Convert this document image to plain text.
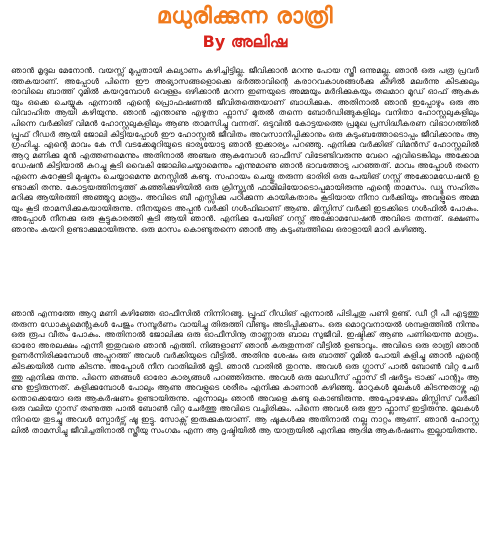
മധുരിക്കുന്ന രാത്രി
By അലിഷ

ഞാൻ മൃദുല മേനോൻ. വയസ്സ് മുപ്പതായി കല്യാണം കഴിച്ചിട്ടില്ല. ജീവിക്കാൻ മറന്നു പോയ സ്ത്രീ ഒന്നുമല്ല. ഞാൻ ഒരു പത്ര പ്രവർത്തകയാണ്. അപ്പോൾ പിന്നെ ഈ അഭ്യാസങ്ങളൊക്കെ ഭർത്താവിന്റെ കരാറവകാശങ്ങൾക്കു കീഴിൽ മലർന്നു കിടക്കലും രാവിലെ ബാത്ത് റൂമിൽ കയറുമ്പോൾ വെള്ളം ഒഴിക്കാൻ മറന്ന ഇണയുടെ അമ്മയും മർദിക്കുകയും തലമാറ മൂഡ് ഓഫ് ആകുകയും ഒക്കെ ചെയ്യുക എന്നാൽ എന്റെ പ്രൊഫഷണൽ ജീവിതത്തെയാണ് ബാധിക്കുക. അതിനാൽ ഞാൻ ഇപ്പോഴും ഒരു അവിവാഹിത ആയി കഴിയുന്നു. ഞാൻ എന്താണു എഴുതാ ഫ്ലാസ് മുതൽ തന്നെ ബോർഡിങ്ങുകളിലും വനിതാ ഹോസ്റ്റലുകളിലും പിന്നെ വർക്കിങ് വിമൻ ഹോസ്റ്റലുകളിലും ആണു താമസിച്ചു വന്നത്. ഒടുവിൽ കോട്ടയത്തെ പ്രമുഖ പ്രസിദ്ധീകരണ വിഭാഗത്തിൽ പ്രൂഫ് റീഡർ ആയി ജോലി കിട്ടിയപ്പോൾ ഈ ഹോസ്റ്റൽ ജീവിതം അവസാനിപ്പിക്കാനും ഒരു കുടുംബത്തോടൊപ്പം ജീവിക്കാനും ആഗ്രഹിച്ചു. എന്റെ മാവം കേ സീ വടക്കേമുറിയുടെ ഭാര്യയോടു ഞാൻ ഇക്കാര്യം പറഞ്ഞു. എനിക്കു വർക്കിങ് വിമൻസ് ഹോസ്റ്റലിൽ ആറു മണിക്കു മുൻ എത്തണമെന്നും അതിനാൽ അഞ്ചര ആകുമ്പോൾ ഓഫീസ് വിടേണ്ടിവരുന്നു വേറെ എവിടെങ്കിലും അക്കോമഡേഷൻ കിട്ടിയാൽ കുറച്ചു കൂടി വൈകി ജോലിചെയ്യാമെന്നും എന്നുമാണു ഞാൻ ഭാവത്തോടു പറഞ്ഞത്. മാവം അപ്പോൾ തന്നെ എന്നെ കുറേക്കൂടി മുഷ്ടനം ചെയ്യാമെന്നു മനസ്സിൽ കണ്ടു. സഹായം ചെയ്തു തരുന്ന ഭാരിരി ഒരു പേയിങ് ഗസ്റ്റ് അക്കോമഡേഷൻ ഉണ്ടാക്കി തന്നു. കോട്ടയത്തിനടുത്ത് കഞ്ഞിക്കുഴിയിൽ ഒരു ക്രിസ്ത്യൻ ഫാമിലിയോടൊപ്പമായിരുന്നു എന്റെ താമസം. ഡ്യൂ സഹിതം മറിക്കു ആയിരത്തി അഞ്ഞൂറു മാത്രം. അവിടെ ബീ എസ്സിക്കു പഠിക്കുന്ന കായികതാരം കൂടിയായ നീനാ വർക്കിയും അവളുടെ അമ്മയും കൂടി താമസിക്കുകയായിരുന്നു. നീനയുടെ അപ്പൻ വർക്കി ഗൾഫിലാണ് ആണു. മിസ്സിസ് വർക്കി ഇടക്കിടെ ഗൾഫിൽ പോകും. അപ്പോൾ നീനക്കു ഒരു കൂട്ടുകാരത്തി കൂടി ആയി ഞാൻ. എനിക്കു പേയിങ് ഗസ്റ്റ് അക്കോമഡേഷൻ അവിടെ തന്നത്. ഭക്ഷണം ഞാനും കയറി ഉണ്ടാക്കുമായിരുന്നു. ഒരു മാസം കൊണ്ടുതന്നെ ഞാൻ ആ കുടുംബത്തിലെ ഒരാളായി മാറി കഴിഞ്ഞു.

ഞാൻ എന്നത്തേ ആറു മണി കഴിഞ്ഞേ ഓഫീസിൽ നിന്നിറങ്ങൂ. പ്രൂഫ് റീഡിങ് എന്നാൽ പിടിച്ചതു പണി ഉണ്ട്. ഡീ റ്റീ പീ എടുത്തു തരുന്ന ഡോക്യുമെന്റുകൾ പേജും സമ്പൂർണം വായിച്ചു തിരുത്തി വീണ്ടും അടിപ്പിക്കണം. ഒരു മൊറൂവനായൽ ശമ്പളത്തിൽ നിന്നും ഒരു രൂപ വീതം പോകും. അതിനാൽ ജോലിക്കു ഒരു ഓഫീസിനൂ താണ്ണാരു ബാല സുജീവി. ഇഷ്ടിക്ക് ആണു പണിയെന്നു മാത്രം. ഓരോ അരലക്ഷം എന്നീ ഇതുവരെ ഞാൻ എത്തി. നിങ്ങളാണ് ഞാൻ കരുതുന്നത് വീട്ടിൽ ഉണ്ടാവും. അവിടെ ഒരു രാത്രി ഞാൻ ഉണർന്നിരിക്കുമ്പോൾ അപ്പുറത്ത് അവൾ വർക്കിയുടെ വീട്ടിൽ. അതിനു ശേഷം ഒരു ബാത്ത് റൂമിൽ പോയി കുളിച്ചു ഞാൻ എന്റെ കിടക്കയിൽ വന്നു കിടന്നു. അപ്പോൾ നീന വാതിലിൽ മുട്ടി. ഞാൻ വാതിൽ തുറന്നു. അവൾ ഒരു ഗ്ലാസ് പാൽ ബോൺ വിറ്റ ചേർത്തു എനിക്കു തന്നു. പിന്നെ ഞങ്ങൾ ഓരോ കാര്യങ്ങൾ പറഞ്ഞിരുന്നു. അവൾ ഒരു ലേഡീസ് ഫ്ലാസ് ടീ ഷർട്ടും ട്രാക്ക് പാന്റും ആണു ഇട്ടിരുന്നത്. കുളിക്കുമ്പോൾ പോലും ആണു അവളുടെ ശരീരം എനിക്കു കാണാൻ കഴിഞ്ഞു. മാറുകൾ മുലകൾ കിടന്നുതാഴ്ന്നു എന്തൊക്കെയോ ഒരു ആകർഷണം ഉണ്ടായിരുന്നു. എന്നാലും ഞാൻ അവളെ കണ്ടു കൊണ്ടിരുന്നു. അപ്പോഴേക്കും മിസ്സിസ് വർക്കി ഒരു വലിയ ഗ്ലാസ് തണുത്ത പാൽ ബോൺ വിറ്റ ചേർത്തു അവിടെ വച്ചിരിക്കും. പിന്നെ അവൾ ഒരു ഈ ഫ്ലാസ് ഇട്ടിരുന്നു. മുലകൾ നിറയെ തുടച്ചു അവൾ സ്പോർട്സ് ഷൂ ഇട്ടു. സോക്സ് ഇരുക്കുകയാണ്. ആ ഷൂകൾക്കു അതിനാൽ നല്ല നാറ്റം ആണ്. ഞാൻ ഹോസ്റ്റലിൽ താമസിച്ചു ജീവിച്ചതിനാൽ സ്ത്രീയു സംഗമം എന്ന ആ ദൃഷ്ടിയിൽ ആ യാത്രയിൽ എനിക്കു ആദിമ ആകർഷണം ഇല്ലായിരുന്നു.
